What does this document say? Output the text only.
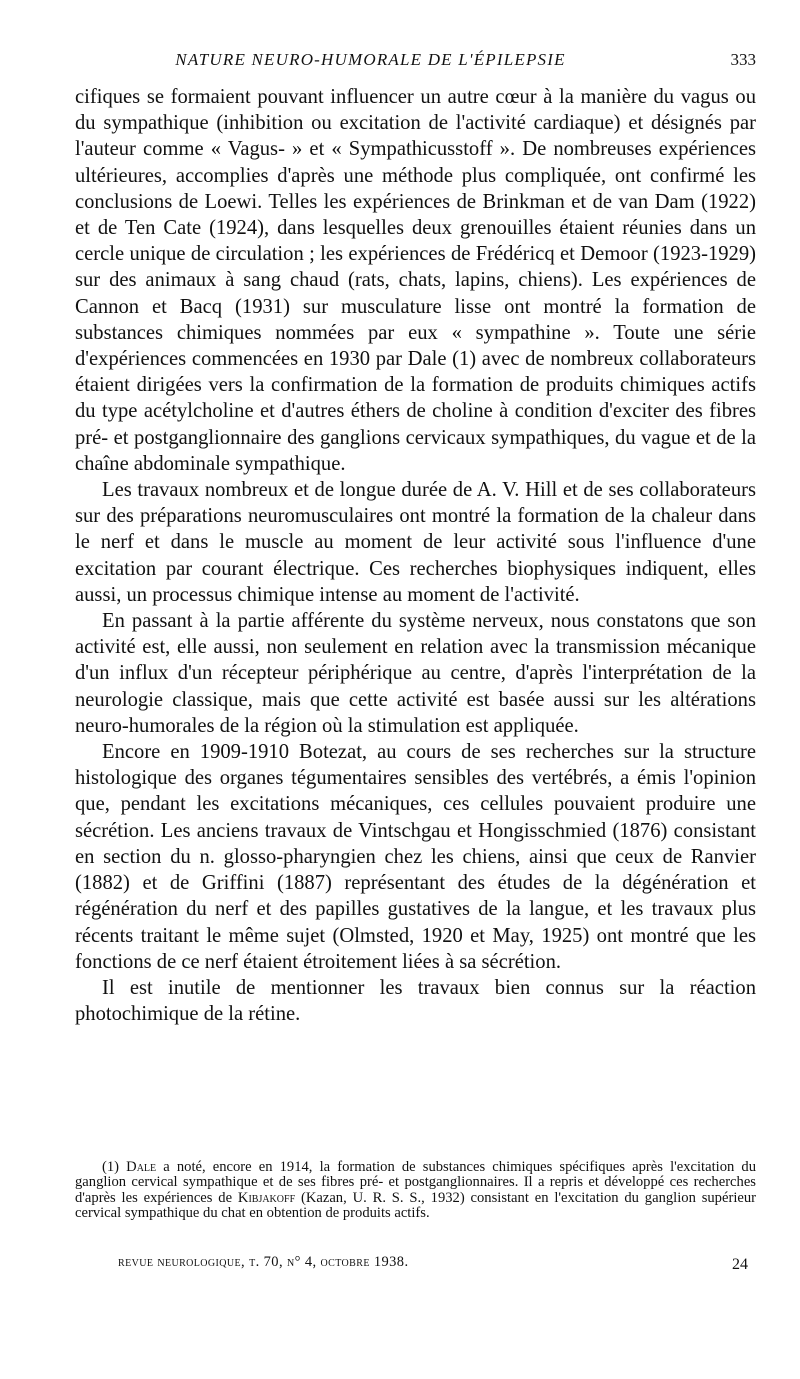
NATURE NEURO-HUMORALE DE L'ÉPILEPSIE	333

cifiques se formaient pouvant influencer un autre cœur à la manière du vagus ou du sympathique (inhibition ou excitation de l'activité cardiaque) et désignés par l'auteur comme « Vagus- » et « Sympathicusstoff ». De nombreuses expériences ultérieures, accomplies d'après une méthode plus compliquée, ont confirmé les conclusions de Loewi. Telles les expériences de Brinkman et de van Dam (1922) et de Ten Cate (1924), dans lesquelles deux grenouilles étaient réunies dans un cercle unique de circulation ; les expériences de Frédéricq et Demoor (1923-1929) sur des animaux à sang chaud (rats, chats, lapins, chiens). Les expériences de Cannon et Bacq (1931) sur musculature lisse ont montré la formation de substances chimiques nommées par eux « sympathine ». Toute une série d'expériences commencées en 1930 par Dale (1) avec de nombreux collaborateurs étaient dirigées vers la confirmation de la formation de produits chimiques actifs du type acétylcholine et d'autres éthers de choline à condition d'exciter des fibres pré- et postganglionnaire des ganglions cervicaux sympathiques, du vague et de la chaîne abdominale sympathique.

Les travaux nombreux et de longue durée de A. V. Hill et de ses collaborateurs sur des préparations neuromusculaires ont montré la formation de la chaleur dans le nerf et dans le muscle au moment de leur activité sous l'influence d'une excitation par courant électrique. Ces recherches biophysiques indiquent, elles aussi, un processus chimique intense au moment de l'activité.

En passant à la partie afférente du système nerveux, nous constatons que son activité est, elle aussi, non seulement en relation avec la transmission mécanique d'un influx d'un récepteur périphérique au centre, d'après l'interprétation de la neurologie classique, mais que cette activité est basée aussi sur les altérations neuro-humorales de la région où la stimulation est appliquée.

Encore en 1909-1910 Botezat, au cours de ses recherches sur la structure histologique des organes tégumentaires sensibles des vertébrés, a émis l'opinion que, pendant les excitations mécaniques, ces cellules pouvaient produire une sécrétion. Les anciens travaux de Vintschgau et Hongisschmied (1876) consistant en section du n. glosso-pharyngien chez les chiens, ainsi que ceux de Ranvier (1882) et de Griffini (1887) représentant des études de la dégénération et régénération du nerf et des papilles gustatives de la langue, et les travaux plus récents traitant le même sujet (Olmsted, 1920 et May, 1925) ont montré que les fonctions de ce nerf étaient étroitement liées à sa sécrétion.

Il est inutile de mentionner les travaux bien connus sur la réaction photochimique de la rétine.

(1) Dale a noté, encore en 1914, la formation de substances chimiques spécifiques après l'excitation du ganglion cervical sympathique et de ses fibres pré- et postganglionnaires. Il a repris et développé ces recherches d'après les expériences de Kibjakoff (Kazan, U. R. S. S., 1932) consistant en l'excitation du ganglion supérieur cervical sympathique du chat en obtention de produits actifs.

revue neurologique, t. 70, n° 4, octobre 1938.	24
